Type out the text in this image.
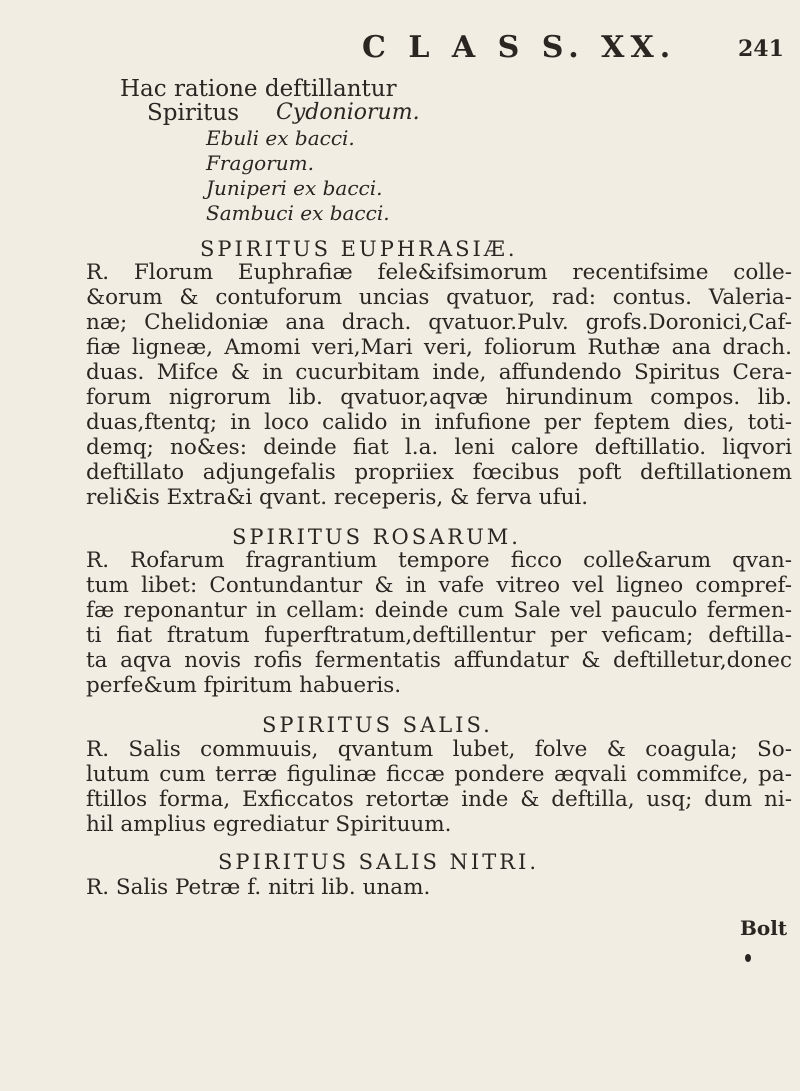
C L A S S. XX.	241
Hac ratione deftillantur
Spiritus Cydoniorum.
Ebuli ex bacci.
Fragorum.
Juniperi ex bacci.
Sambuci ex bacci.
SPIRITUS EUPHRASIÆ.
R. Florum Euphrafiæ fele&ifsimorum recentifsime colle-
&orum & contuforum uncias qvatuor, rad: contus. Valeria-
næ; Chelidoniæ ana drach. qvatuor.Pulv. grofs.Doronici,Caf-
fiæ ligneæ, Amomi veri,Mari veri, foliorum Ruthæ ana drach.
duas. Mifce & in cucurbitam inde, affundendo Spiritus Cera-
forum nigrorum lib. qvatuor,aqvæ hirundinum compos. lib.
duas,ftentq; in loco calido in infufione per feptem dies, toti-
demq; no&es: deinde fiat l.a. leni calore deftillatio. liqvori
deftillato adjungefalis propriiex fœcibus poft deftillationem
reli&is Extra&i qvant. receperis, & ferva ufui.
SPIRITUS ROSARUM.
R. Rofarum fragrantium tempore ficco colle&arum qvan-
tum libet: Contundantur & in vafe vitreo vel ligneo compref-
fæ reponantur in cellam: deinde cum Sale vel pauculo fermen-
ti fiat ftratum fuperftratum,deftillentur per veficam; deftilla-
ta aqva novis rofis fermentatis affundatur & deftilletur,donec
perfe&um fpiritum habueris.
SPIRITUS SALIS.
R. Salis commuuis, qvantum lubet, folve & coagula; So-
lutum cum terræ figulinæ ficcæ pondere æqvali commifce, pa-
ftillos forma, Exficcatos retortæ inde & deftilla, usq; dum ni-
hil amplius egrediatur Spirituum.
SPIRITUS SALIS NITRI.
R. Salis Petræ f. nitri lib. unam.
Bolt
